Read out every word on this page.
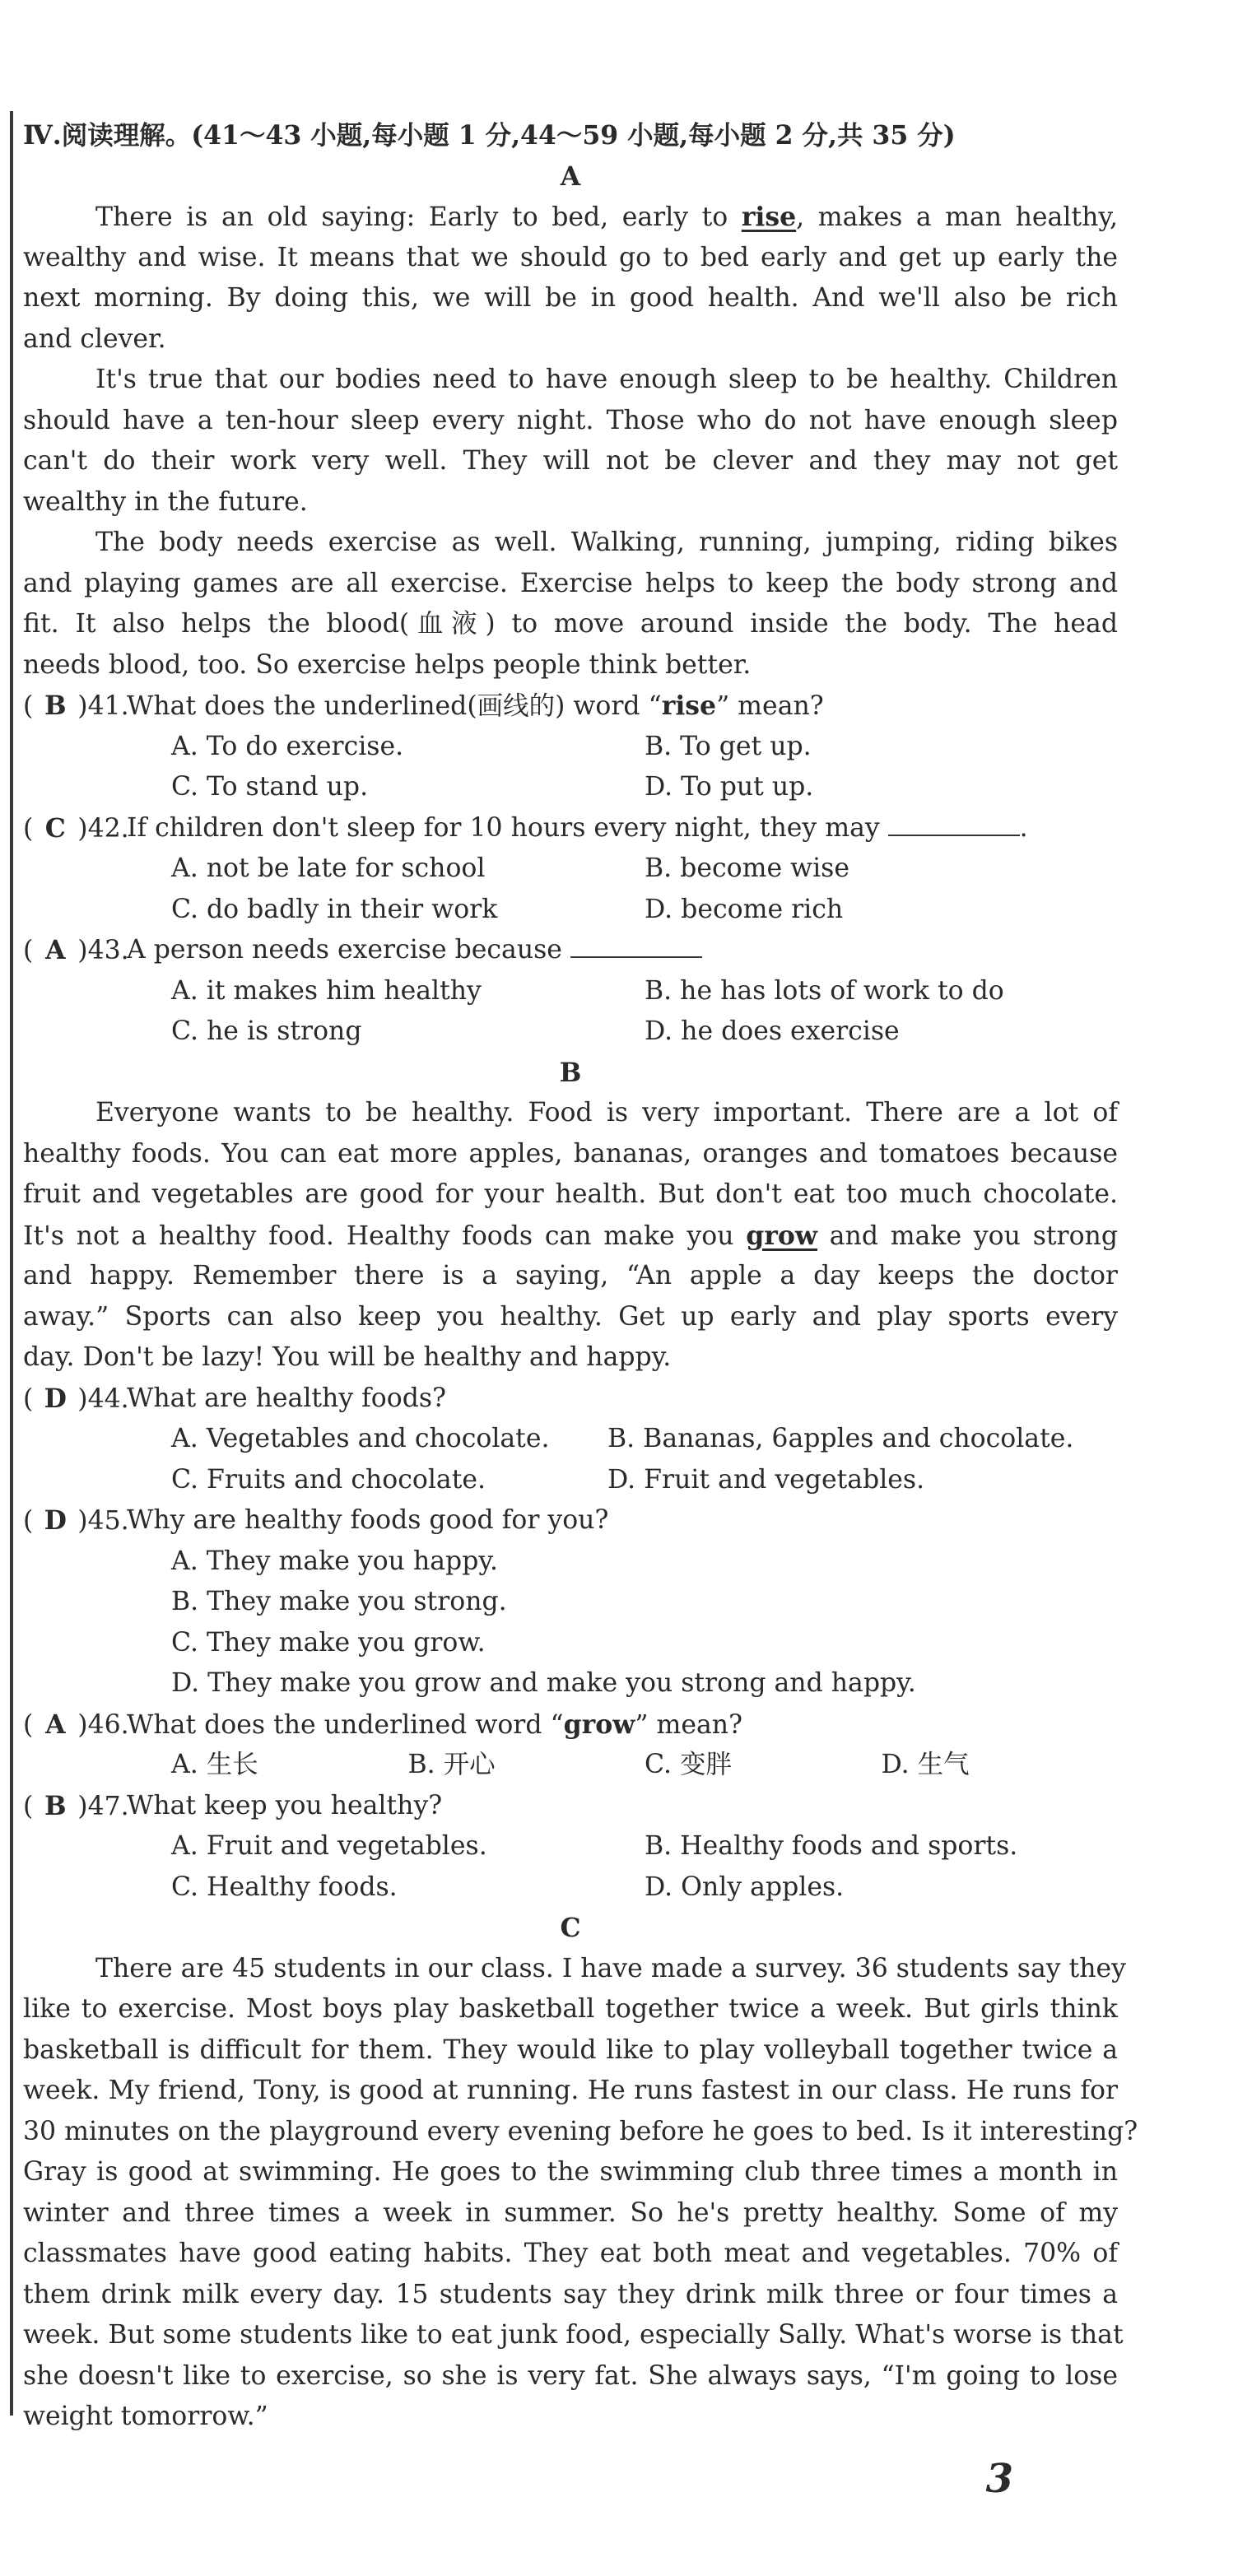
Ⅳ.阅读理解。(41～43 小题,每小题 1 分,44～59 小题,每小题 2 分,共 35 分)
A
There is an old saying: Early to bed, early to rise, makes a man healthy,
wealthy and wise. It means that we should go to bed early and get up early the
next morning. By doing this, we will be in good health. And we'll also be rich
and clever.
It's true that our bodies need to have enough sleep to be healthy. Children
should have a ten-hour sleep every night. Those who do not have enough sleep
can't do their work very well. They will not be clever and they may not get
wealthy in the future.
The body needs exercise as well. Walking, running, jumping, riding bikes
and playing games are all exercise. Exercise helps to keep the body strong and
fit. It also helps the blood(血液) to move around inside the body. The head
needs blood, too. So exercise helps people think better.
( B )41.
What does the underlined(画线的) word “rise” mean?
A. To do exercise.	B. To get up.
C. To stand up.	D. To put up.
( C )42.
If children don't sleep for 10 hours every night, they may	.
A. not be late for school	B. become wise
C. do badly in their work	D. become rich
( A )43.
A person needs exercise because
A. it makes him healthy	B. he has lots of work to do
C. he is strong	D. he does exercise
B
Everyone wants to be healthy. Food is very important. There are a lot of
healthy foods. You can eat more apples, bananas, oranges and tomatoes because
fruit and vegetables are good for your health. But don't eat too much chocolate.
It's not a healthy food. Healthy foods can make you grow and make you strong
and happy. Remember there is a saying, “An apple a day keeps the doctor
away.” Sports can also keep you healthy. Get up early and play sports every
day. Don't be lazy! You will be healthy and happy.
( D )44.
What are healthy foods?
A. Vegetables and chocolate.	B. Bananas, 6apples and chocolate.
C. Fruits and chocolate.	D. Fruit and vegetables.
( D )45.
Why are healthy foods good for you?
A. They make you happy.
B. They make you strong.
C. They make you grow.
D. They make you grow and make you strong and happy.
( A )46.
What does the underlined word “grow” mean?
A. 生长	B. 开心	C. 变胖	D. 生气
( B )47.
What keep you healthy?
A. Fruit and vegetables.	B. Healthy foods and sports.
C. Healthy foods.	D. Only apples.
C
There are 45 students in our class. I have made a survey. 36 students say they
like to exercise. Most boys play basketball together twice a week. But girls think
basketball is difficult for them. They would like to play volleyball together twice a
week. My friend, Tony, is good at running. He runs fastest in our class. He runs for
30 minutes on the playground every evening before he goes to bed. Is it interesting?
Gray is good at swimming. He goes to the swimming club three times a month in
winter and three times a week in summer. So he's pretty healthy. Some of my
classmates have good eating habits. They eat both meat and vegetables. 70% of
them drink milk every day. 15 students say they drink milk three or four times a
week. But some students like to eat junk food, especially Sally. What's worse is that
she doesn't like to exercise, so she is very fat. She always says, “I'm going to lose
weight tomorrow.”
3
